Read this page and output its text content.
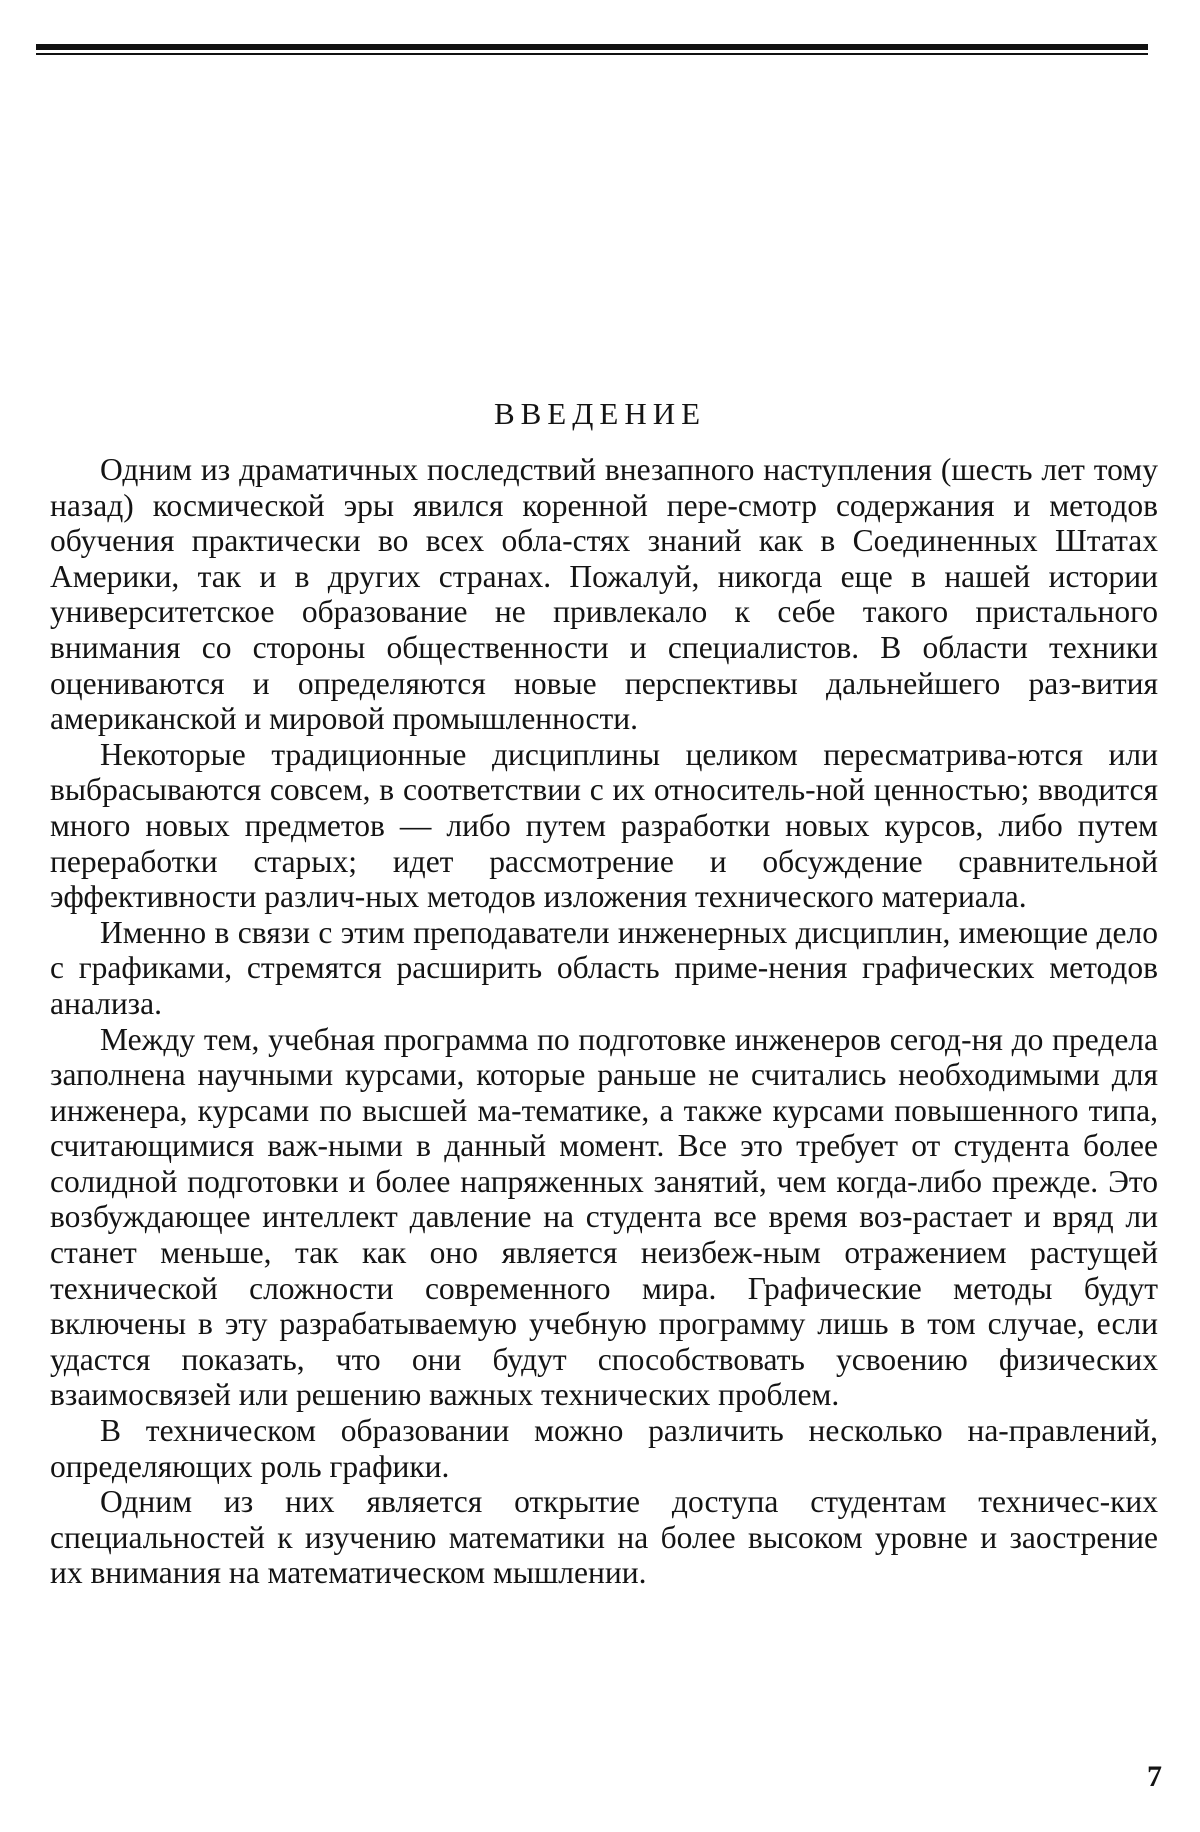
ВВЕДЕНИЕ

Одним из драматичных последствий внезапного наступления (шесть лет тому назад) космической эры явился коренной пере-смотр содержания и методов обучения практически во всех обла-стях знаний как в Соединенных Штатах Америки, так и в других странах. Пожалуй, никогда еще в нашей истории университетское образование не привлекало к себе такого пристального внимания со стороны общественности и специалистов. В области техники оцениваются и определяются новые перспективы дальнейшего раз-вития американской и мировой промышленности.

Некоторые традиционные дисциплины целиком пересматрива-ются или выбрасываются совсем, в соответствии с их относитель-ной ценностью; вводится много новых предметов — либо путем разработки новых курсов, либо путем переработки старых; идет рассмотрение и обсуждение сравнительной эффективности различ-ных методов изложения технического материала.

Именно в связи с этим преподаватели инженерных дисциплин, имеющие дело с графиками, стремятся расширить область приме-нения графических методов анализа.

Между тем, учебная программа по подготовке инженеров сегод-ня до предела заполнена научными курсами, которые раньше не считались необходимыми для инженера, курсами по высшей ма-тематике, а также курсами повышенного типа, считающимися важ-ными в данный момент. Все это требует от студента более солидной подготовки и более напряженных занятий, чем когда-либо прежде. Это возбуждающее интеллект давление на студента все время воз-растает и вряд ли станет меньше, так как оно является неизбеж-ным отражением растущей технической сложности современного мира. Графические методы будут включены в эту разрабатываемую учебную программу лишь в том случае, если удастся показать, что они будут способствовать усвоению физических взаимосвязей или решению важных технических проблем.

В техническом образовании можно различить несколько на-правлений, определяющих роль графики.

Одним из них является открытие доступа студентам техничес-ких специальностей к изучению математики на более высоком уровне и заострение их внимания на математическом мышлении.

7
